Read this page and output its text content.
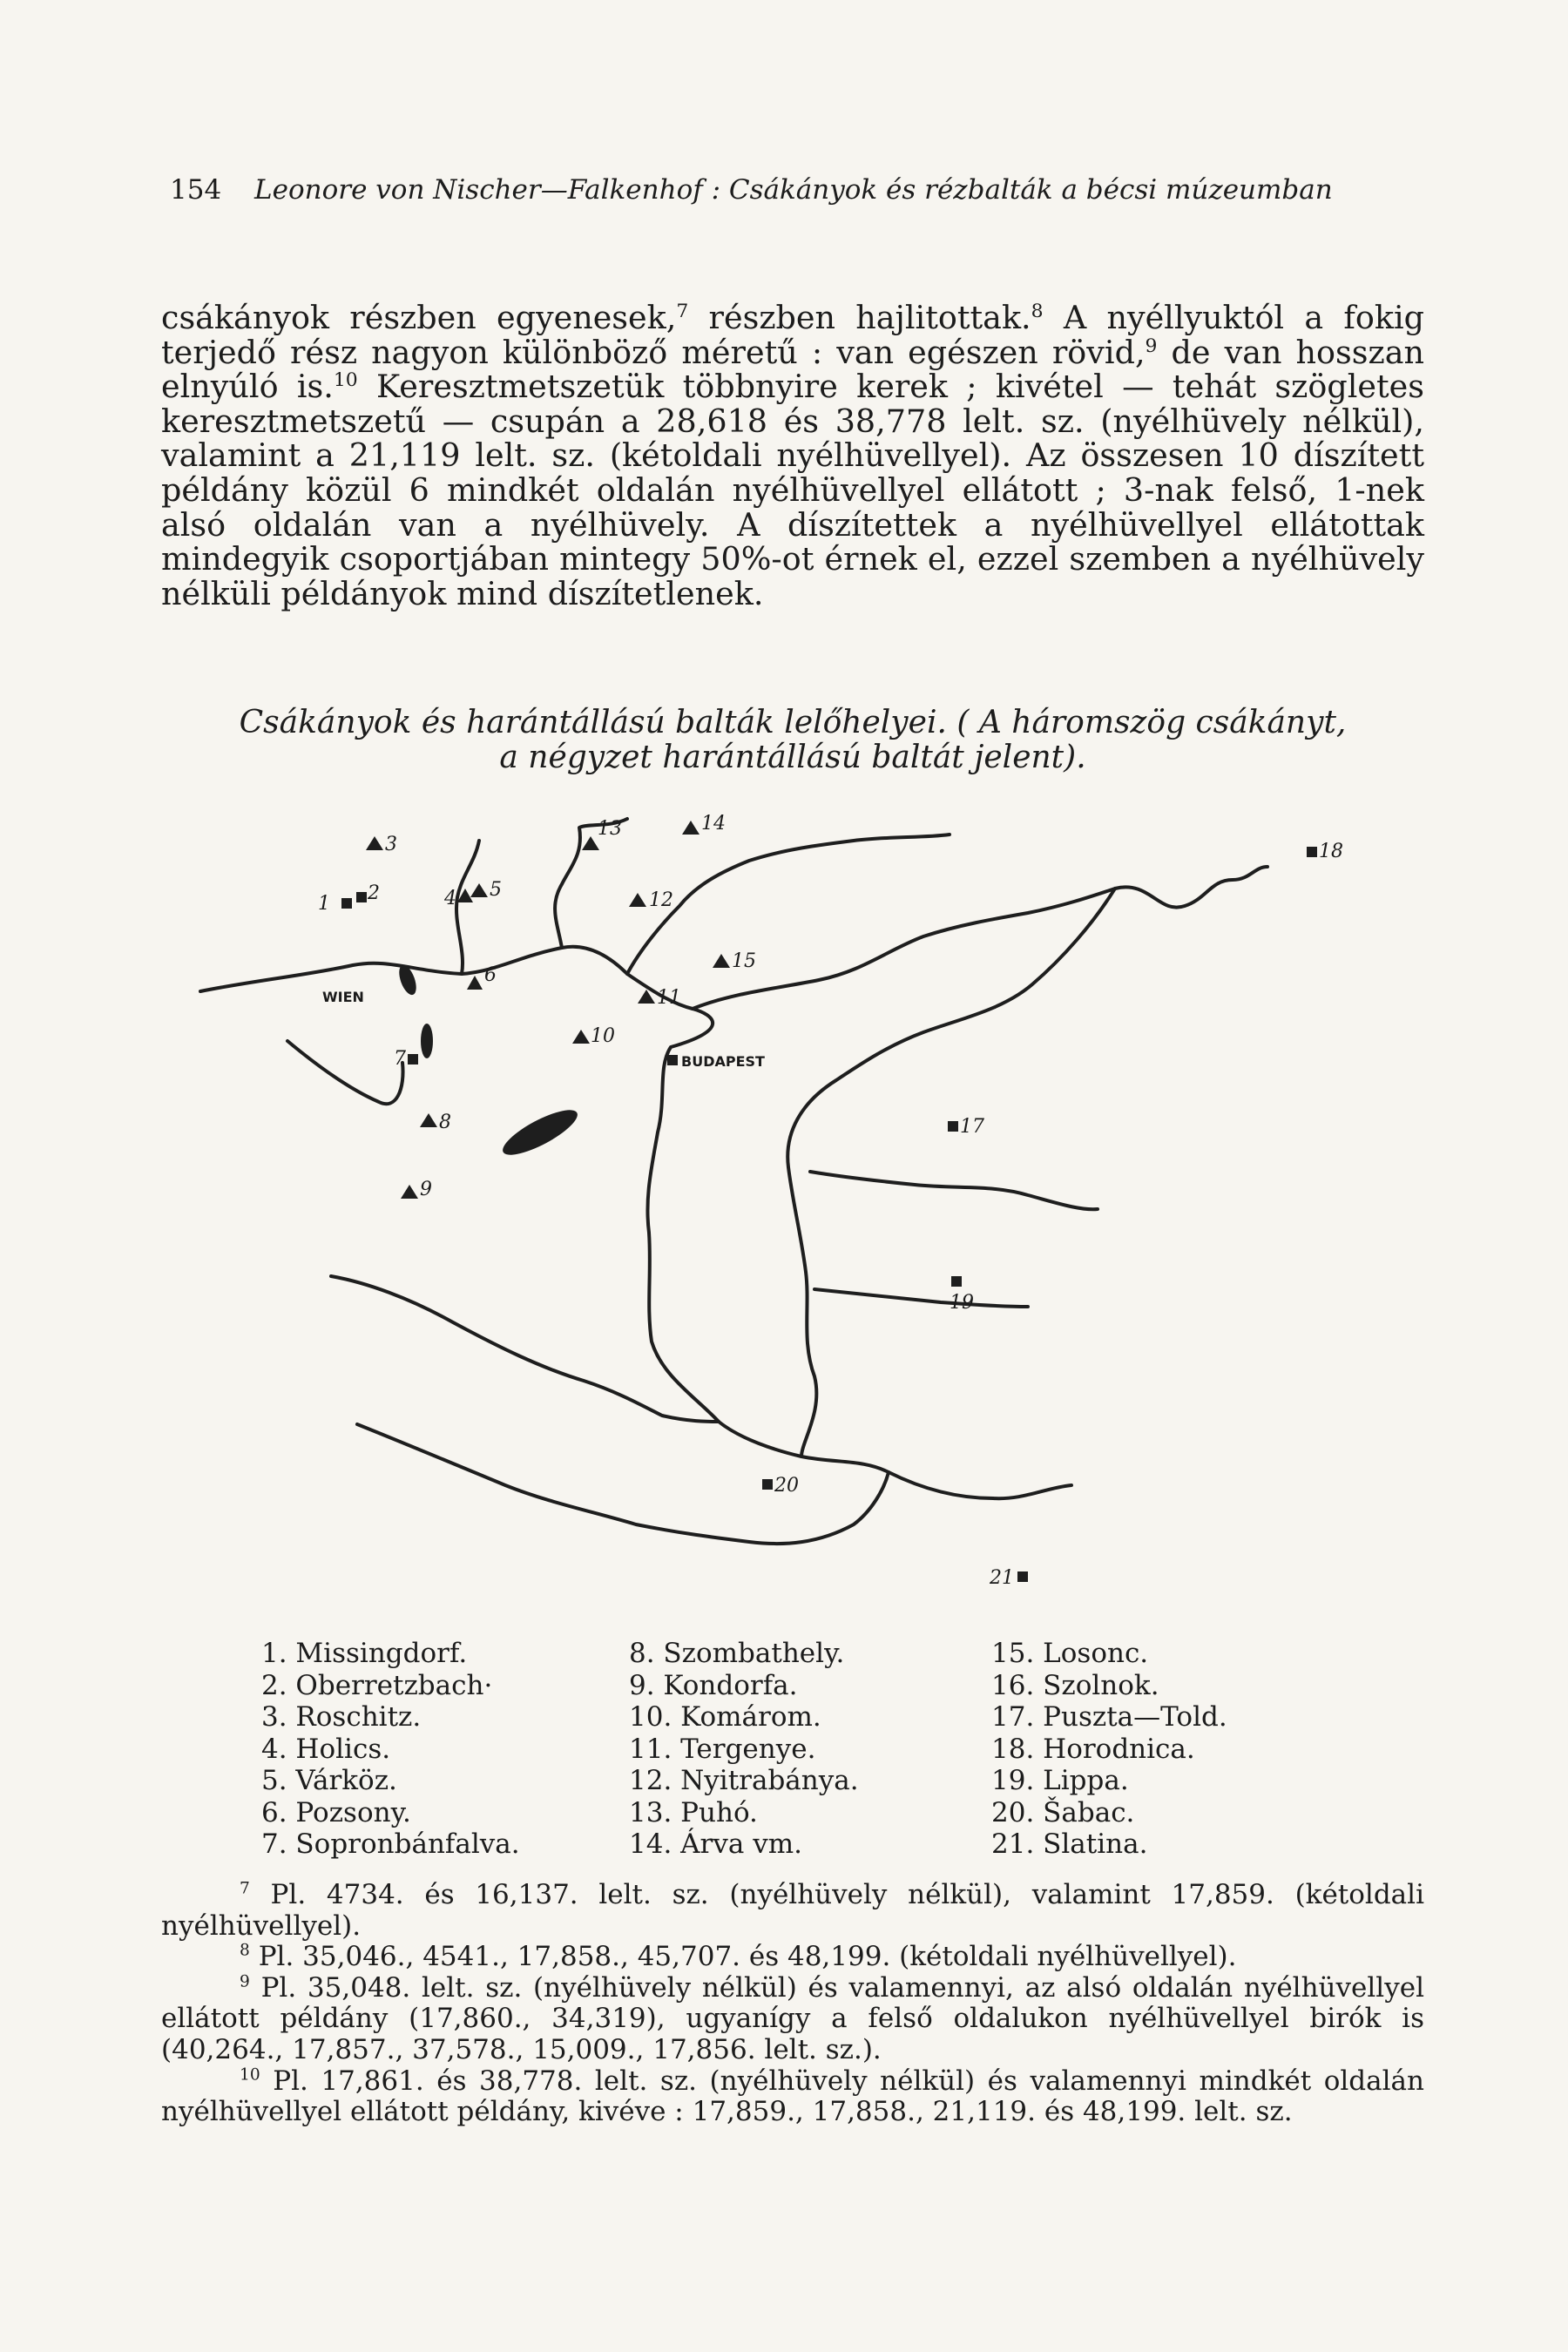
154 Leonore von Nischer—Falkenhof : Csákányok és rézbalták a bécsi múzeumban

csákányok részben egyenesek,$^7$ részben hajlitottak.$^8$ A nyéllyuktól a fokig terjedő rész nagyon különböző méretű : van egészen rövid,$^9$ de van hosszan elnyúló is.$^{10}$ Keresztmetszetük többnyire kerek ; kivétel — tehát szögletes keresztmetszetű — csupán a 28,618 és 38,778 lelt. sz. (nyélhüvely nélkül), valamint a 21,119 lelt. sz. (kétoldali nyélhüvellyel). Az összesen 10 díszített példány közül 6 mindkét oldalán nyélhüvellyel ellátott ; 3-nak felső, 1-nek alsó oldalán van a nyélhüvely. A díszítettek a nyélhüvellyel ellátottak mindegyik csoportjában mintegy 50%-ot érnek el, ezzel szemben a nyélhüvely nélküli példányok mind díszítetlenek.

Csákányok és harántállású balták lelőhelyei. ( A háromszög csákányt,
a négyzet harántállású baltát jelent).
WIEN
BUDAPEST
1 2
3
4 5
6
7
8
9
10
11
12
13	14
15
17
18
19
20
21
1. Missingdorf.
2. Oberretzbach·
3. Roschitz.
4. Holics.
5. Várköz.
6. Pozsony.
7. Sopronbánfalva.
8. Szombathely.
9. Kondorfa.
10. Komárom.
11. Tergenye.
12. Nyitrabánya.
13. Puhó.
14. Árva vm.
15. Losonc.
16. Szolnok.
17. Puszta—Told.
18. Horodnica.
19. Lippa.
20. Šabac.
21. Slatina.

$^7$ Pl. 4734. és 16,137. lelt. sz. (nyélhüvely nélkül), valamint 17,859. (kétoldali nyélhüvellyel).

$^8$ Pl. 35,046., 4541., 17,858., 45,707. és 48,199. (kétoldali nyélhüvellyel).

$^9$ Pl. 35,048. lelt. sz. (nyélhüvely nélkül) és valamennyi, az alsó oldalán nyélhüvellyel ellátott példány (17,860., 34,319), ugyanígy a felső oldalukon nyélhüvellyel birók is (40,264., 17,857., 37,578., 15,009., 17,856. lelt. sz.).

$^{10}$ Pl. 17,861. és 38,778. lelt. sz. (nyélhüvely nélkül) és valamennyi mindkét oldalán nyélhüvellyel ellátott példány, kivéve : 17,859., 17,858., 21,119. és 48,199. lelt. sz.
